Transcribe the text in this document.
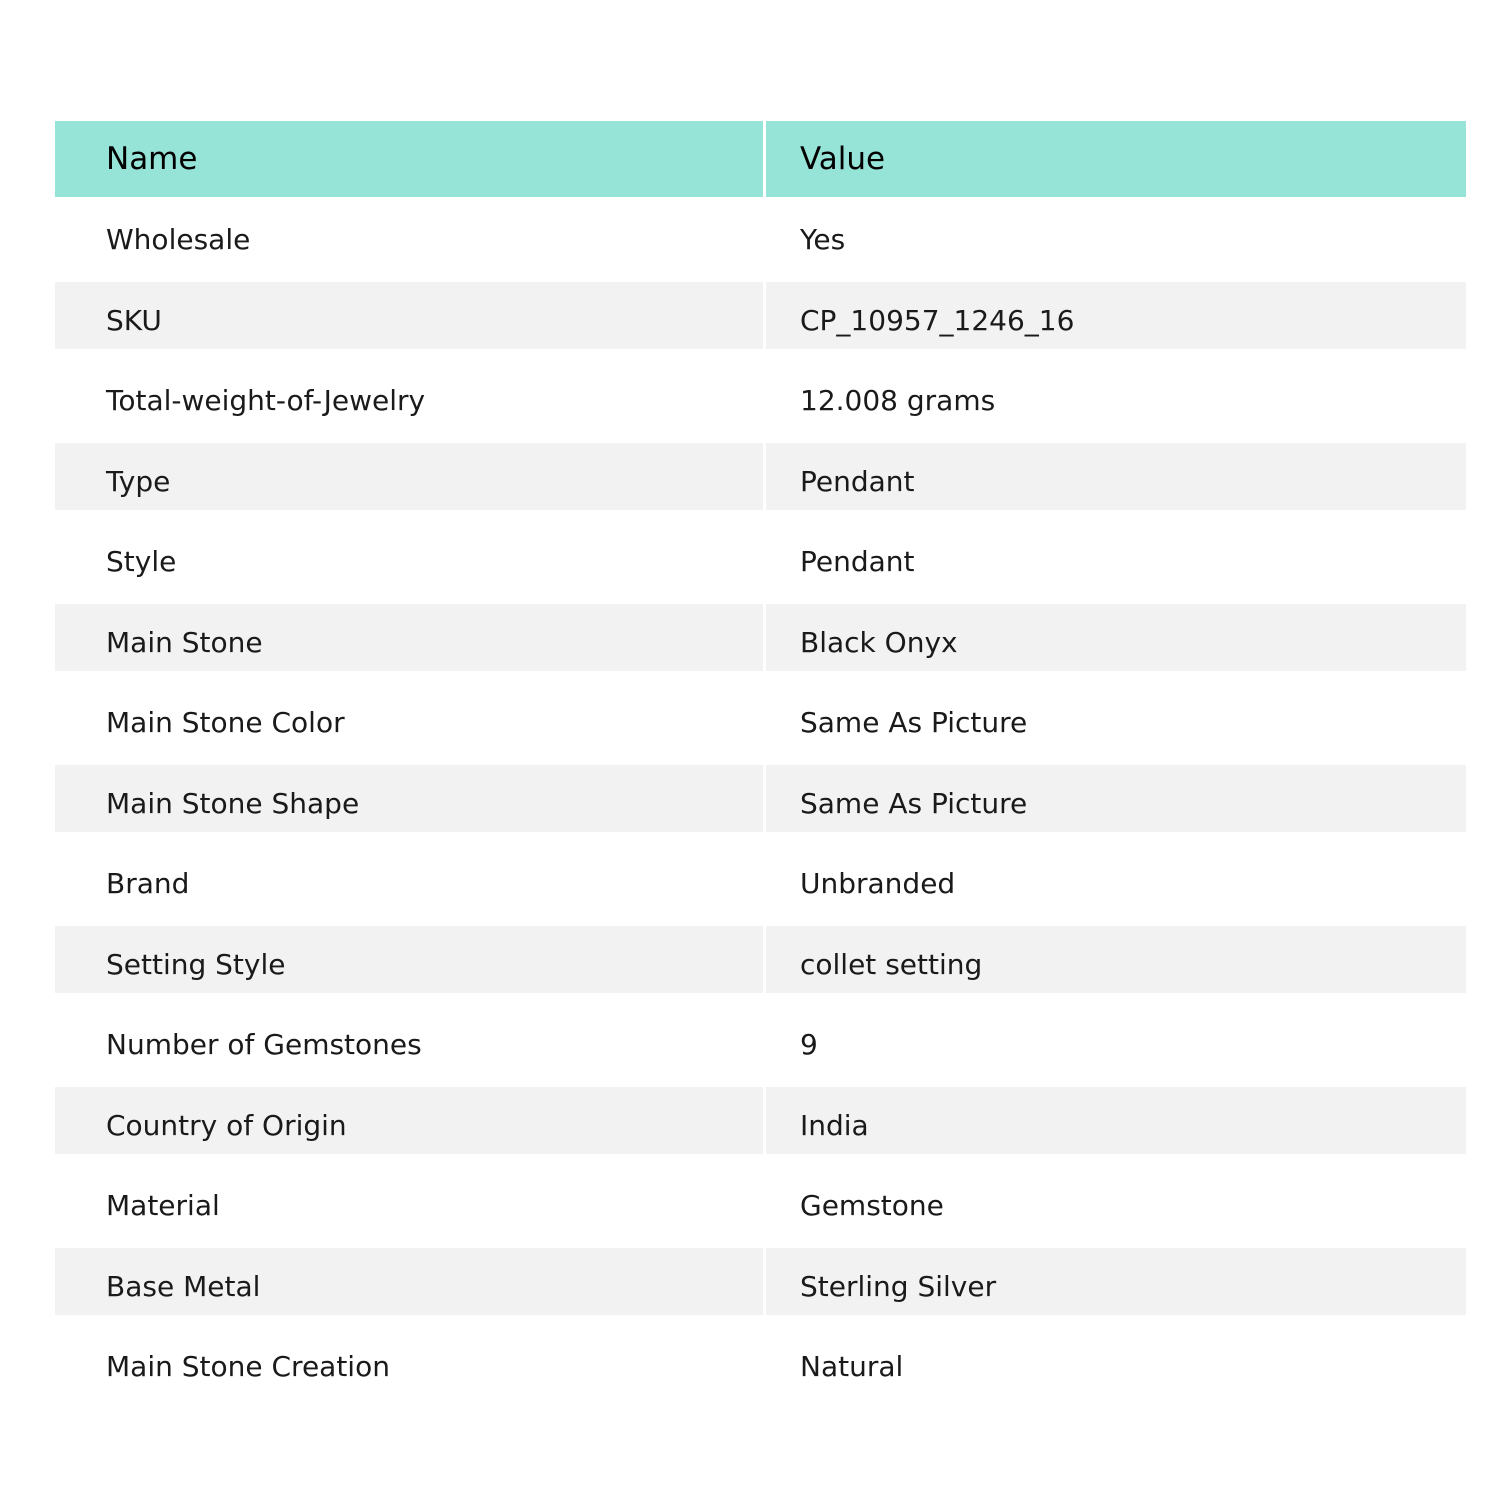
Name	Value
Wholesale	Yes
SKU	CP_10957_1246_16
Total-weight-of-Jewelry	12.008 grams
Type	Pendant
Style	Pendant
Main Stone	Black Onyx
Main Stone Color	Same As Picture
Main Stone Shape	Same As Picture
Brand	Unbranded
Setting Style	collet setting
Number of Gemstones	9
Country of Origin	India
Material	Gemstone
Base Metal	Sterling Silver
Main Stone Creation	Natural
